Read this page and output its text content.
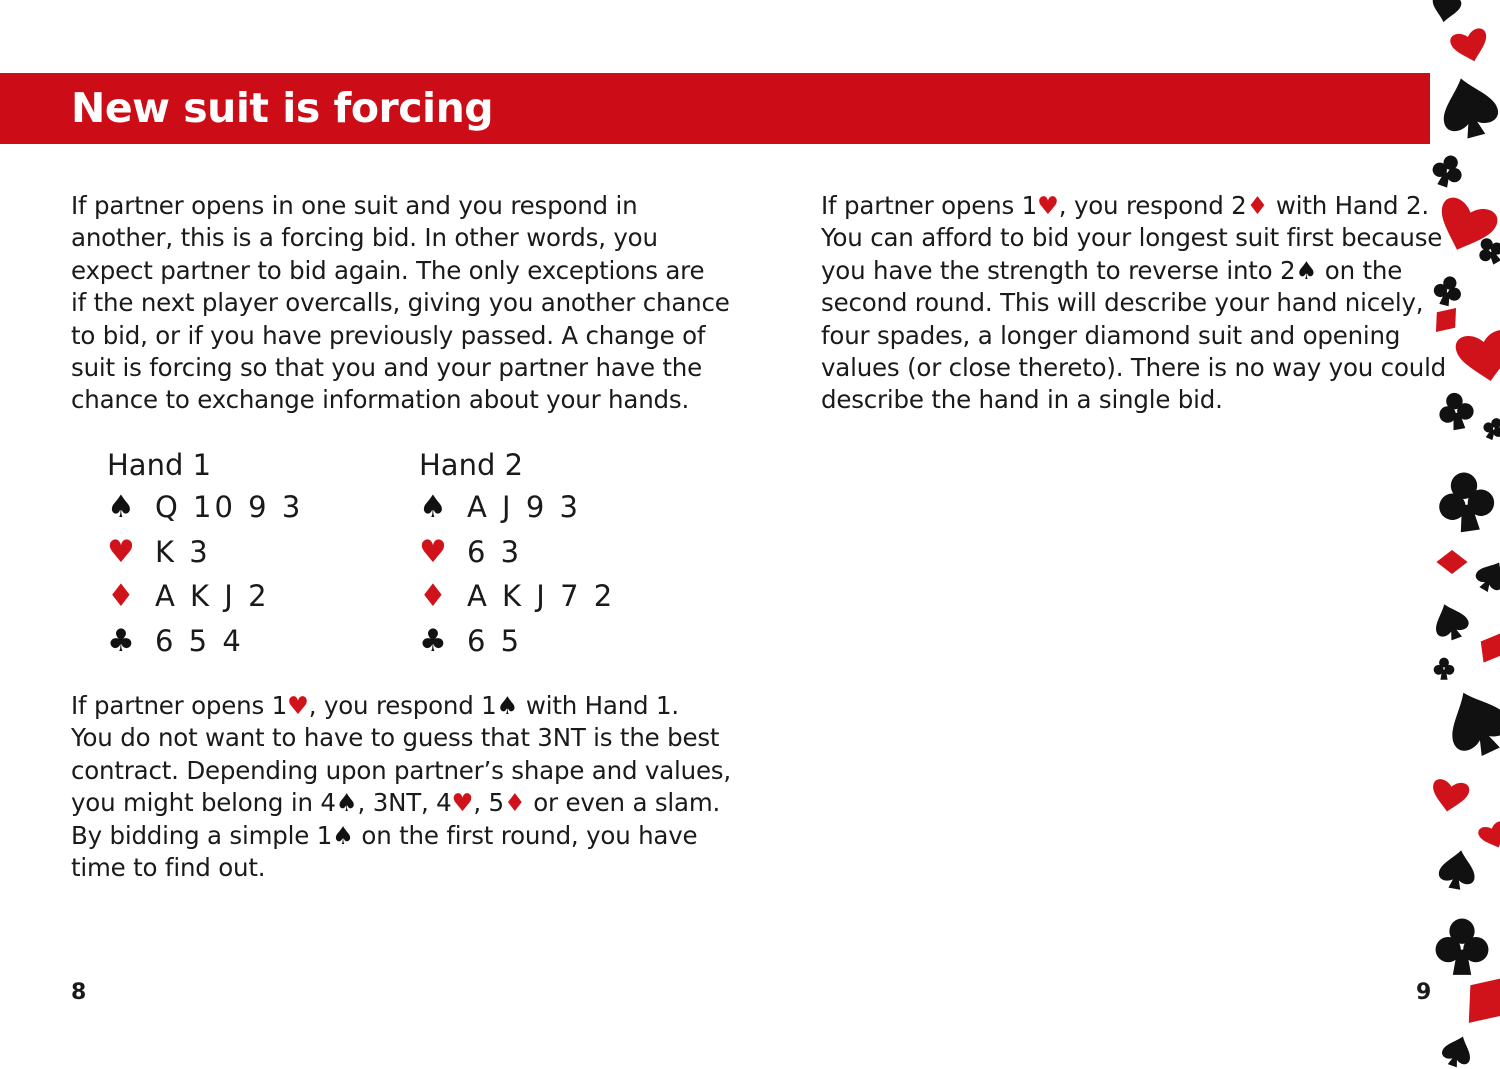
New suit is forcing

If partner opens in one suit and you respond in
another, this is a forcing bid. In other words, you
expect partner to bid again. The only exceptions are
if the next player overcalls, giving you another chance
to bid, or if you have previously passed. A change of
suit is forcing so that you and your partner have the
chance to exchange information about your hands.

Hand 1
♠ Q 10 9 3
♥ K 3
♦ A K J 2
♣ 6 5 4
Hand 2
♠ A J 9 3
♥ 6 3
♦ A K J 7 2
♣ 6 5

If partner opens 1♥, you respond 1♠ with Hand 1.
You do not want to have to guess that 3NT is the best
contract. Depending upon partner’s shape and values,
you might belong in 4♠, 3NT, 4♥, 5♦ or even a slam.
By bidding a simple 1♠ on the first round, you have
time to find out.

If partner opens 1♥, you respond 2♦ with Hand 2.
You can afford to bid your longest suit first because
you have the strength to reverse into 2♠ on the
second round. This will describe your hand nicely,
four spades, a longer diamond suit and opening
values (or close thereto). There is no way you could
describe the hand in a single bid.

8	9
